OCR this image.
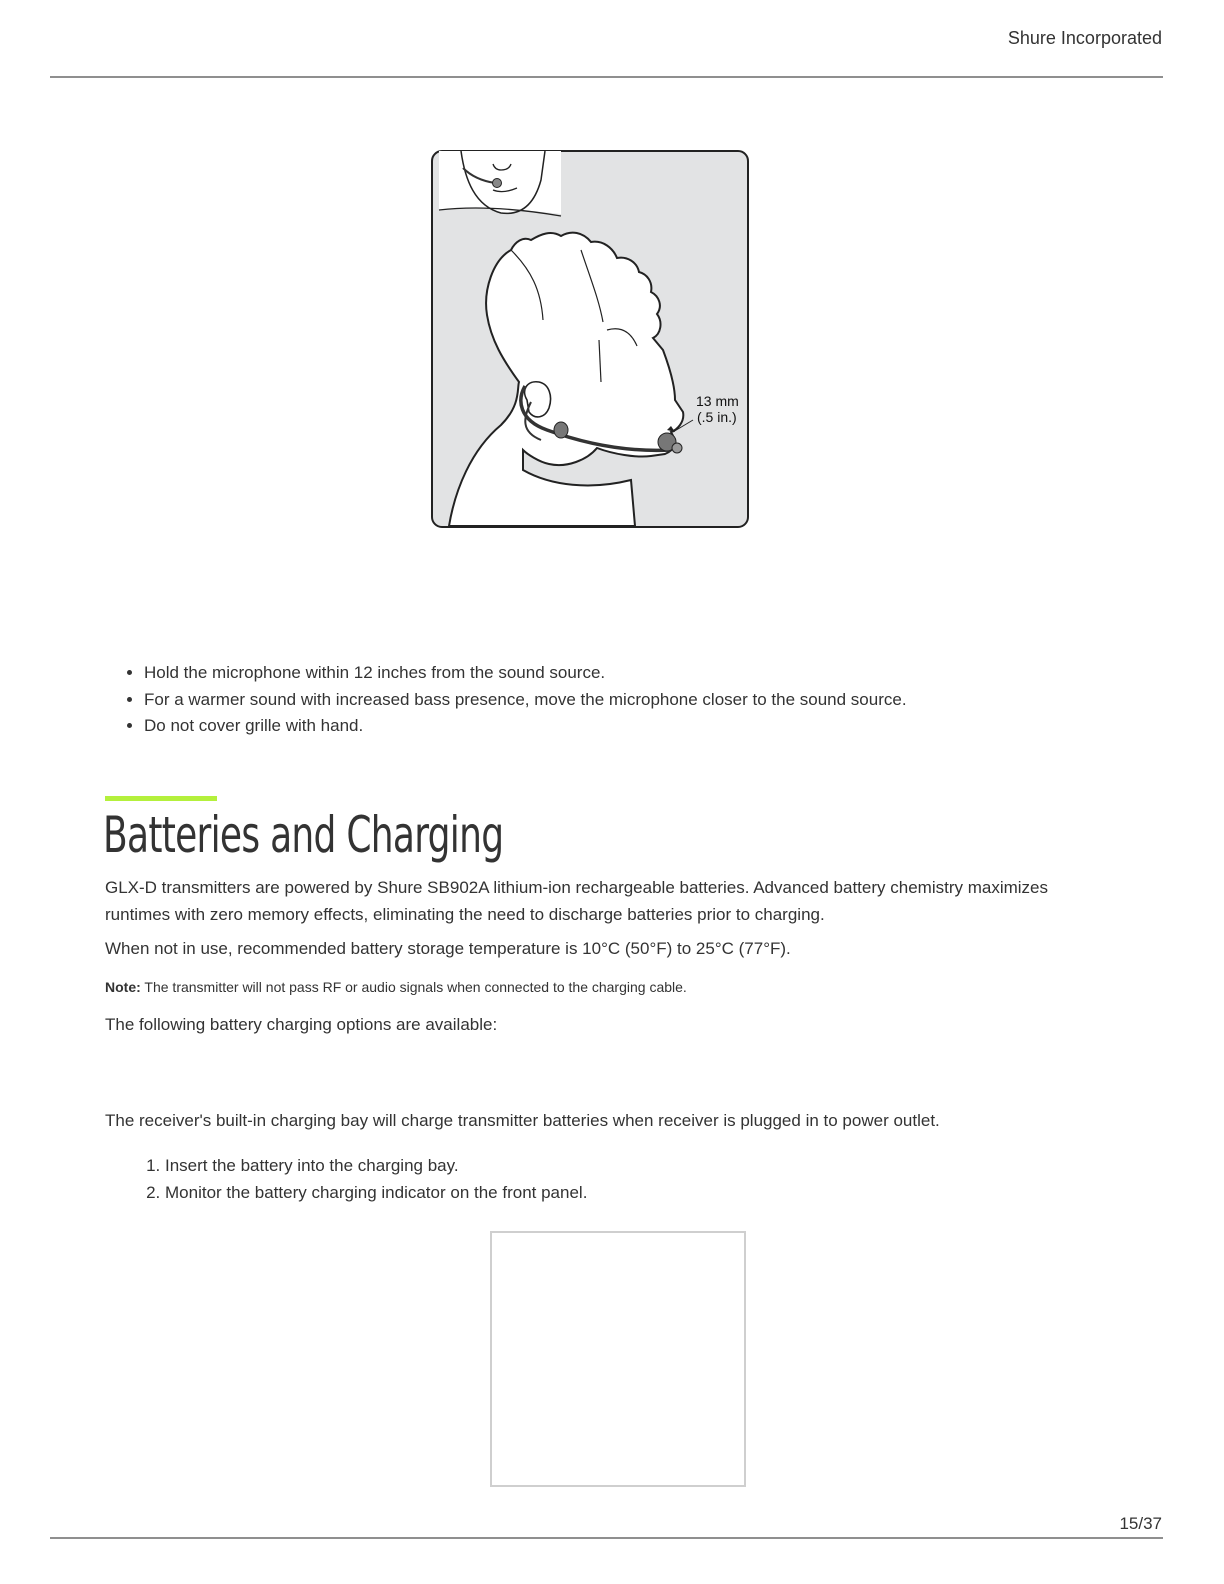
Shure Incorporated
13 mm
(.5 in.)
• Hold the microphone within 12 inches from the sound source.
• For a warmer sound with increased bass presence, move the microphone closer to the sound source.
• Do not cover grille with hand.
Batteries and Charging

GLX-D transmitters are powered by Shure SB902A lithium-ion rechargeable batteries. Advanced battery chemistry maximizes runtimes with zero memory effects, eliminating the need to discharge batteries prior to charging.

When not in use, recommended battery storage temperature is 10°C (50°F) to 25°C (77°F).

Note: The transmitter will not pass RF or audio signals when connected to the charging cable.

The following battery charging options are available:

The receiver's built-in charging bay will charge transmitter batteries when receiver is plugged in to power outlet.

1. Insert the battery into the charging bay.
2. Monitor the battery charging indicator on the front panel.
15/37
